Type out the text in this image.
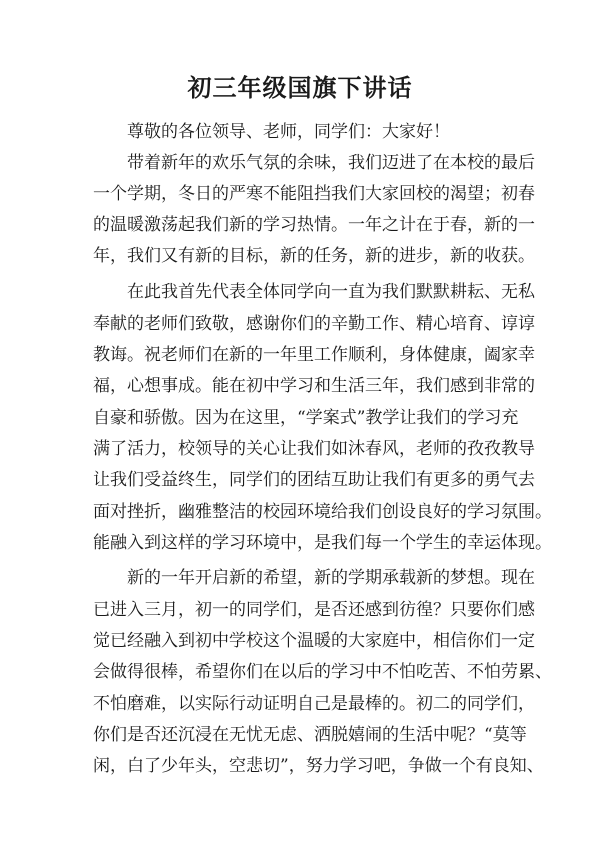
初三年级国旗下讲话
　　尊敬的各位领导、老师，同学们：大家好！
　　带着新年的欢乐气氛的余味，我们迈进了在本校的最后
一个学期，冬日的严寒不能阻挡我们大家回校的渴望；初春
的温暖激荡起我们新的学习热情。一年之计在于春，新的一
年，我们又有新的目标，新的任务，新的进步，新的收获。
　　在此我首先代表全体同学向一直为我们默默耕耘、无私
奉献的老师们致敬，感谢你们的辛勤工作、精心培育、谆谆
教诲。祝老师们在新的一年里工作顺利，身体健康，阖家幸
福，心想事成。能在初中学习和生活三年，我们感到非常的
自豪和骄傲。因为在这里，“学案式”教学让我们的学习充
满了活力，校领导的关心让我们如沐春风，老师的孜孜教导
让我们受益终生，同学们的团结互助让我们有更多的勇气去
面对挫折，幽雅整洁的校园环境给我们创设良好的学习氛围。
能融入到这样的学习环境中，是我们每一个学生的幸运体现。
　　新的一年开启新的希望，新的学期承载新的梦想。现在
已进入三月，初一的同学们，是否还感到彷徨？只要你们感
觉已经融入到初中学校这个温暖的大家庭中，相信你们一定
会做得很棒，希望你们在以后的学习中不怕吃苦、不怕劳累、
不怕磨难，以实际行动证明自己是最棒的。初二的同学们，
你们是否还沉浸在无忧无虑、洒脱嬉闹的生活中呢？“莫等
闲，白了少年头，空悲切”，努力学习吧，争做一个有良知、
